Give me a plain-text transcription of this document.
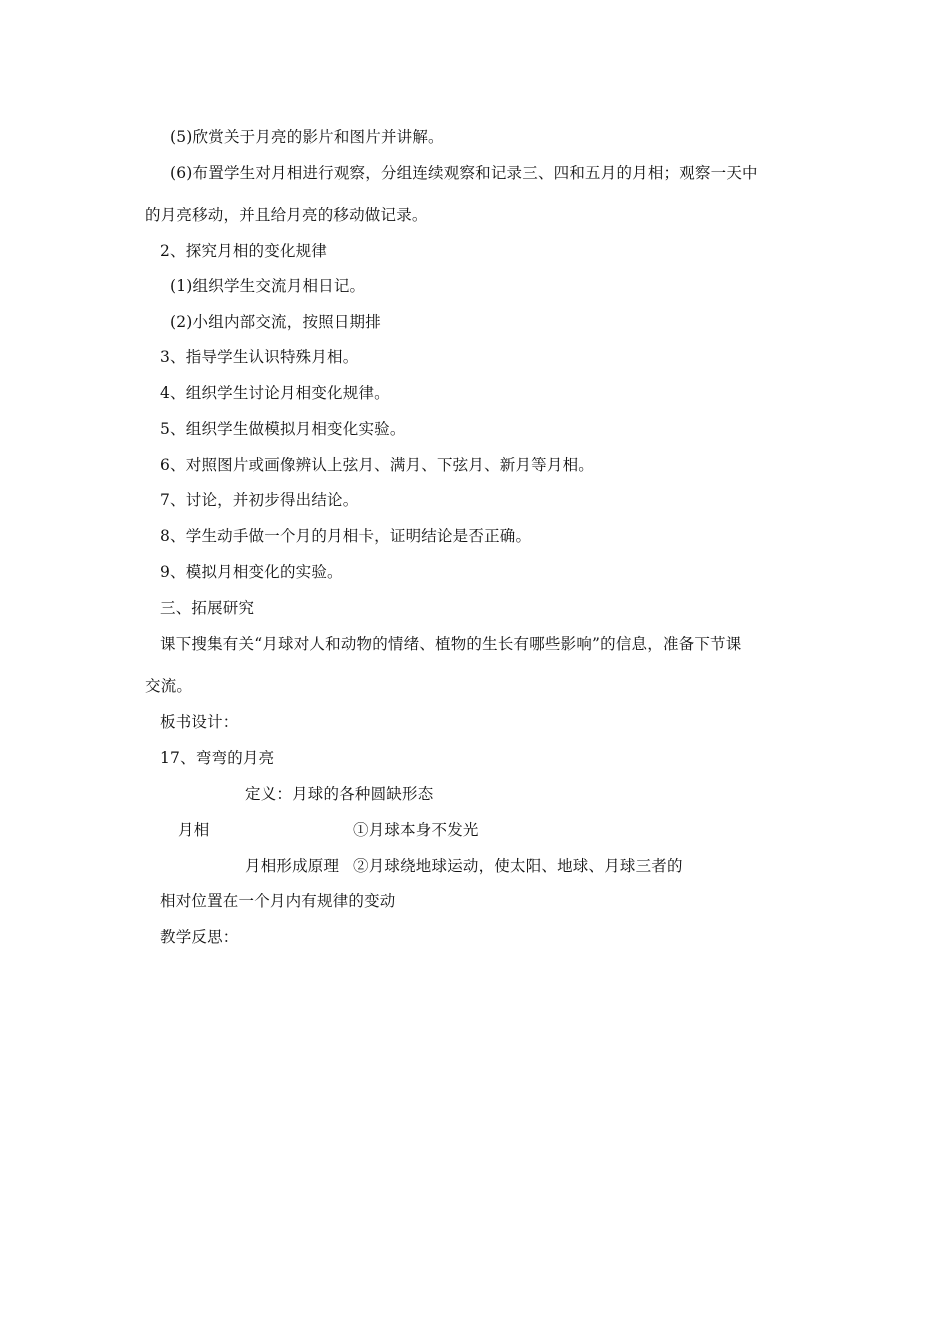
(5)欣赏关于月亮的影片和图片并讲解。
(6)布置学生对月相进行观察，分组连续观察和记录三、四和五月的月相；观察一天中
的月亮移动，并且给月亮的移动做记录。
2、探究月相的变化规律
(1)组织学生交流月相日记。
(2)小组内部交流，按照日期排
3、指导学生认识特殊月相。
4、组织学生讨论月相变化规律。
5、组织学生做模拟月相变化实验。
6、对照图片或画像辨认上弦月、满月、下弦月、新月等月相。
7、讨论，并初步得出结论。
8、学生动手做一个月的月相卡，证明结论是否正确。
9、模拟月相变化的实验。
三、拓展研究
课下搜集有关“月球对人和动物的情绪、植物的生长有哪些影响”的信息，准备下节课
交流。
板书设计：
17、弯弯的月亮
定义：月球的各种圆缺形态
月相	①月球本身不发光
月相形成原理 ②月球绕地球运动，使太阳、地球、月球三者的
相对位置在一个月内有规律的变动
教学反思：
